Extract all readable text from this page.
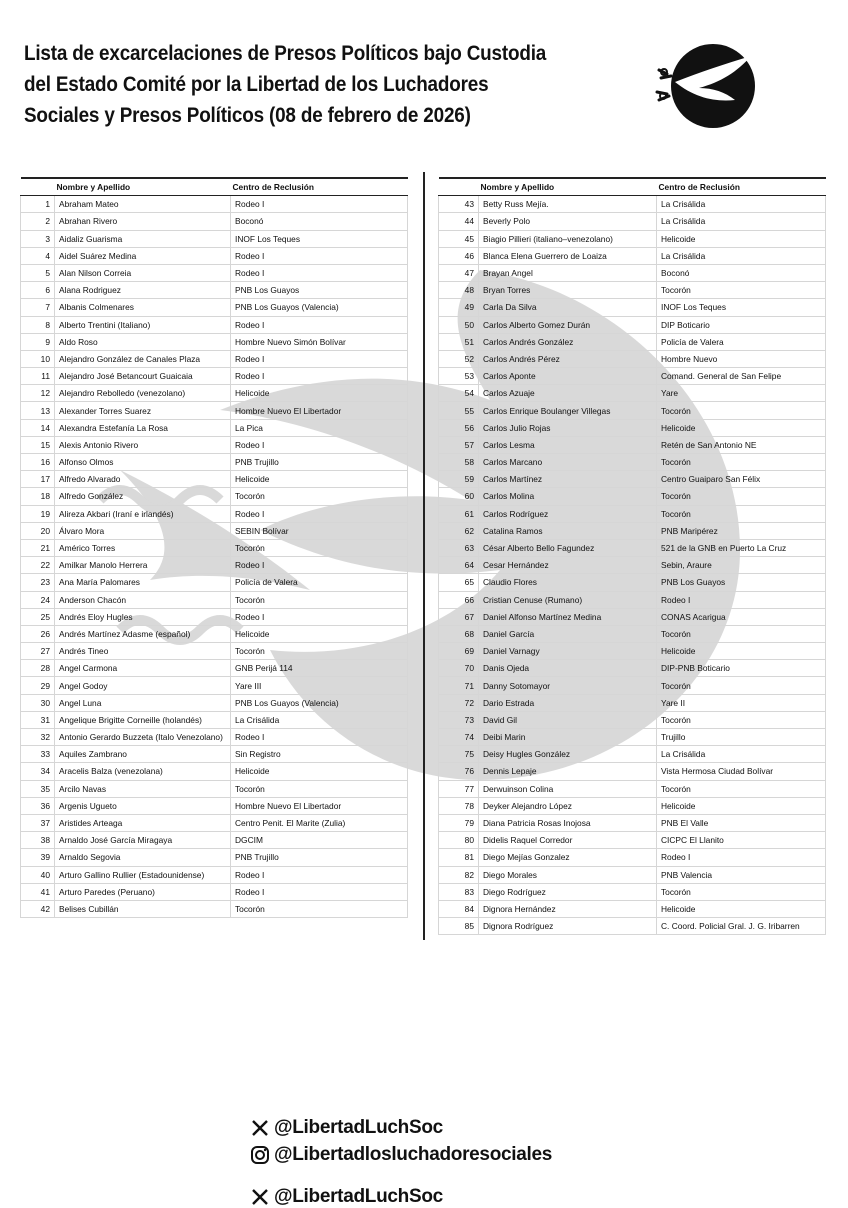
Lista de excarcelaciones de Presos Políticos bajo Custodia del Estado Comité por la Libertad de los Luchadores Sociales y Presos Políticos (08 de febrero de 2026)
	Nombre y Apellido	Centro de Reclusión
1	Abraham Mateo	Rodeo I
2	Abrahan Rivero	Boconó
3	Aidaliz Guarisma	INOF Los Teques
4	Aidel Suárez Medina	Rodeo I
5	Alan Nilson Correia	Rodeo I
6	Alana Rodriguez	PNB Los Guayos
7	Albanis Colmenares	PNB Los Guayos (Valencia)
8	Alberto Trentini (Italiano)	Rodeo I
9	Aldo Roso	Hombre Nuevo Simón Bolívar
10	Alejandro González de Canales Plaza	Rodeo I
11	Alejandro José Betancourt Guaicaia	Rodeo I
12	Alejandro Rebolledo (venezolano)	Helicoide
13	Alexander Torres Suarez	Hombre Nuevo El Libertador
14	Alexandra Estefanía La Rosa	La Pica
15	Alexis Antonio Rivero	Rodeo I
16	Alfonso Olmos	PNB Trujillo
17	Alfredo Alvarado	Helicoide
18	Alfredo González	Tocorón
19	Alireza Akbari (Iraní e irlandés)	Rodeo I
20	Álvaro Mora	SEBIN Bolívar
21	Américo Torres	Tocorón
22	Amilkar Manolo Herrera	Rodeo I
23	Ana María Palomares	Policía de Valera
24	Anderson Chacón	Tocorón
25	Andrés Eloy Hugles	Rodeo I
26	Andrés Martínez Adasme (español)	Helicoide
27	Andrés Tineo	Tocorón
28	Angel Carmona	GNB Perijá 114
29	Angel Godoy	Yare III
30	Angel Luna	PNB Los Guayos (Valencia)
31	Angelique Brigitte Corneille (holandés)	La Crisálida
32	Antonio Gerardo Buzzeta (Italo Venezolano)	Rodeo I
33	Aquiles Zambrano	Sin Registro
34	Aracelis Balza (venezolana)	Helicoide
35	Arcilo Navas	Tocorón
36	Argenis Ugueto	Hombre Nuevo El Libertador
37	Aristides Arteaga	Centro Penit. El Marite (Zulia)
38	Arnaldo José García Miragaya	DGCIM
39	Arnaldo Segovia	PNB Trujillo
40	Arturo Gallino Rullier (Estadounidense)	Rodeo I
41	Arturo Paredes (Peruano)	Rodeo I
42	Belises Cubillán	Tocorón
	Nombre y Apellido	Centro de Reclusión
43	Betty Russ Mejía.	La Crisálida
44	Beverly Polo	La Crisálida
45	Biagio Pillieri (italiano–venezolano)	Helicoide
46	Blanca Elena Guerrero de Loaiza	La Crisálida
47	Brayan Angel	Boconó
48	Bryan Torres	Tocorón
49	Carla Da Silva	INOF Los Teques
50	Carlos Alberto Gomez Durán	DIP Boticario
51	Carlos Andrés González	Policía de Valera
52	Carlos Andrés Pérez	Hombre Nuevo
53	Carlos Aponte	Comand. General de San Felipe
54	Carlos Azuaje	Yare
55	Carlos Enrique Boulanger Villegas	Tocorón
56	Carlos Julio Rojas	Helicoide
57	Carlos Lesma	Retén de San Antonio NE
58	Carlos Marcano	Tocorón
59	Carlos Martínez	Centro Guaiparo San Félix
60	Carlos Molina	Tocorón
61	Carlos Rodríguez	Tocorón
62	Catalina Ramos	PNB Maripérez
63	César Alberto Bello Fagundez	521 de la GNB en Puerto La Cruz
64	Cesar Hernández	Sebin, Araure
65	Claudio Flores	PNB Los Guayos
66	Cristian Cenuse (Rumano)	Rodeo I
67	Daniel Alfonso Martínez Medina	CONAS Acarigua
68	Daniel García	Tocorón
69	Daniel Varnagy	Helicoide
70	Danis Ojeda	DIP-PNB Boticario
71	Danny Sotomayor	Tocorón
72	Dario Estrada	Yare II
73	David Gil	Tocorón
74	Deibi Marin	Trujillo
75	Deisy Hugles González	La Crisálida
76	Dennis Lepaje	Vista Hermosa Ciudad Bolívar
77	Derwuinson Colina	Tocorón
78	Deyker Alejandro López	Helicoide
79	Diana Patricia Rosas Inojosa	PNB El Valle
80	Didelis Raquel Corredor	CICPC El Llanito
81	Diego Mejías Gonzalez	Rodeo I
82	Diego Morales	PNB Valencia
83	Diego Rodríguez	Tocorón
84	Dignora Hernández	Helicoide
85	Dignora Rodríguez	C. Coord. Policial Gral. J. G. Iribarren
@LibertadLuchSoc
@Libertadlosluchadoresociales
@LibertadLuchSoc
